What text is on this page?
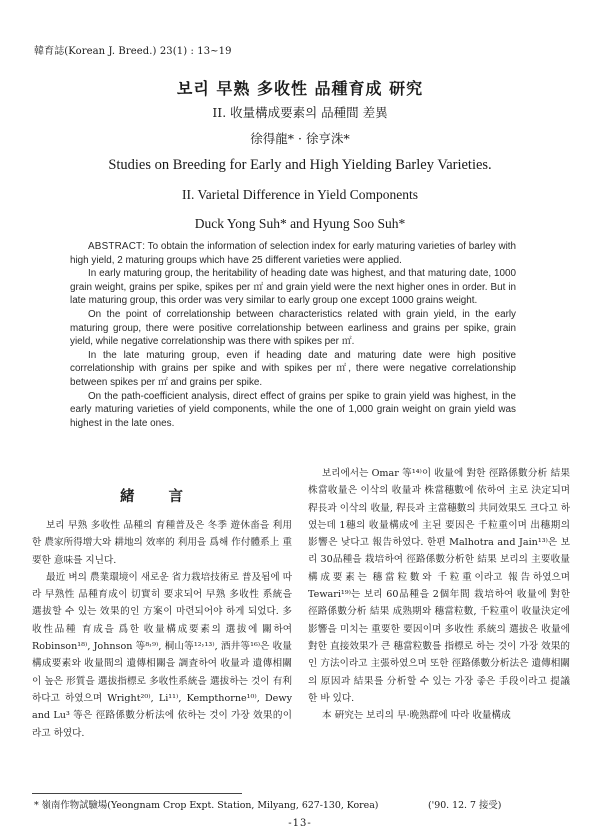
韓育誌(Korean J. Breed.) 23(1) : 13~19
보리 早熟 多收性 品種育成 研究
II. 收量構成要素의 品種間 差異
徐得龍* · 徐亨洙*
Studies on Breeding for Early and High Yielding Barley Varieties.
II. Varietal Difference in Yield Components
Duck Yong Suh* and Hyung Soo Suh*

ABSTRACT: To obtain the information of selection index for early maturing varieties of barley with high yield, 2 maturing groups which have 25 different varieties were applied.

In early maturing group, the heritability of heading date was highest, and that maturing date, 1000 grain weight, grains per spike, spikes per ㎡ and grain yield were the next higher ones in order. But in late maturing group, this order was very similar to early group one except 1000 grains weight.

On the point of correlationship between characteristics related with grain yield, in the early maturing group, there were positive correlationship between earliness and grains per spike, grain yield, while negative correlationship was there with spikes per ㎡.

In the late maturing group, even if heading date and maturing date were high positive correlationship with grains per spike and with spikes per ㎡, there were negative correlationship between spikes per ㎡ and grains per spike.

On the path-coefficient analysis, direct effect of grains per spike to grain yield was highest, in the early maturing varieties of yield components, while the one of 1,000 grain weight on grain yield was highest in the late ones.

緒言

보리 早熟 多收性 品種의 育種普及은 冬季 遊休畓을 利用한 農家所得增大와 耕地의 效率的 利用을 爲해 作付體系上 重要한 意味를 지닌다.

最近 벼의 農業環境이 새로운 省力栽培技術로 普及됨에 따라 早熟性 品種育成이 切實히 要求되어 早熟 多收性 系統을 選拔할 수 있는 效果的인 方案이 마련되어야 하게 되었다. 多收性品種 育成을 爲한 收量構成要素의 選拔에 關하여 Robinson¹⁸⁾, Johnson 等⁸˒⁹⁾, 桐山等¹²˒¹³⁾, 酒井等¹⁶⁾은 收量構成要素와 收量間의 遺傳相關을 調査하여 收量과 遺傳相關이 높은 形質을 選拔指標로 多收性系統을 選拔하는 것이 有利하다고 하였으며 Wright²⁰⁾, Li¹¹⁾, Kempthorne¹⁰⁾, Dewy and Lu³ 等은 徑路係數分析法에 依하는 것이 가장 效果的이라고 하였다.

보리에서는 Omar 等¹⁴⁾이 收量에 對한 徑路係數分析 結果 株當收量은 이삭의 收量과 株當穗數에 依하여 主로 決定되며 稈長과 이삭의 收量, 稈長과 主當穗數의 共同效果도 크다고 하였는데 1穗의 收量構成에 主된 要因은 千粒重이며 出穗期의 影響은 낮다고 報告하였다. 한편 Malhotra and Jain¹³⁾은 보리 30品種을 栽培하여 徑路係數分析한 結果 보리의 主要收量構成要素는 穗當粒數와 千粒重이라고 報告하였으며 Tewari¹⁹⁾는 보리 60品種을 2個年間 栽培하여 收量에 對한 徑路係數分析 結果 成熟期와 穗當粒數, 千粒重이 收量決定에 影響을 미치는 重要한 要因이며 多收性 系統의 選拔은 收量에 對한 直接效果가 큰 穗當粒數를 指標로 하는 것이 가장 效果的인 方法이라고 主張하였으며 또한 徑路係數分析法은 遺傳相關의 原因과 結果를 分析할 수 있는 가장 좋은 手段이라고 提議한 바 있다.

本 硏究는 보리의 早·晩熟群에 따라 收量構成

* 嶺南作物試驗場(Yeongnam Crop Expt. Station, Milyang, 627-130, Korea)	('90. 12. 7 接受)
-13-
